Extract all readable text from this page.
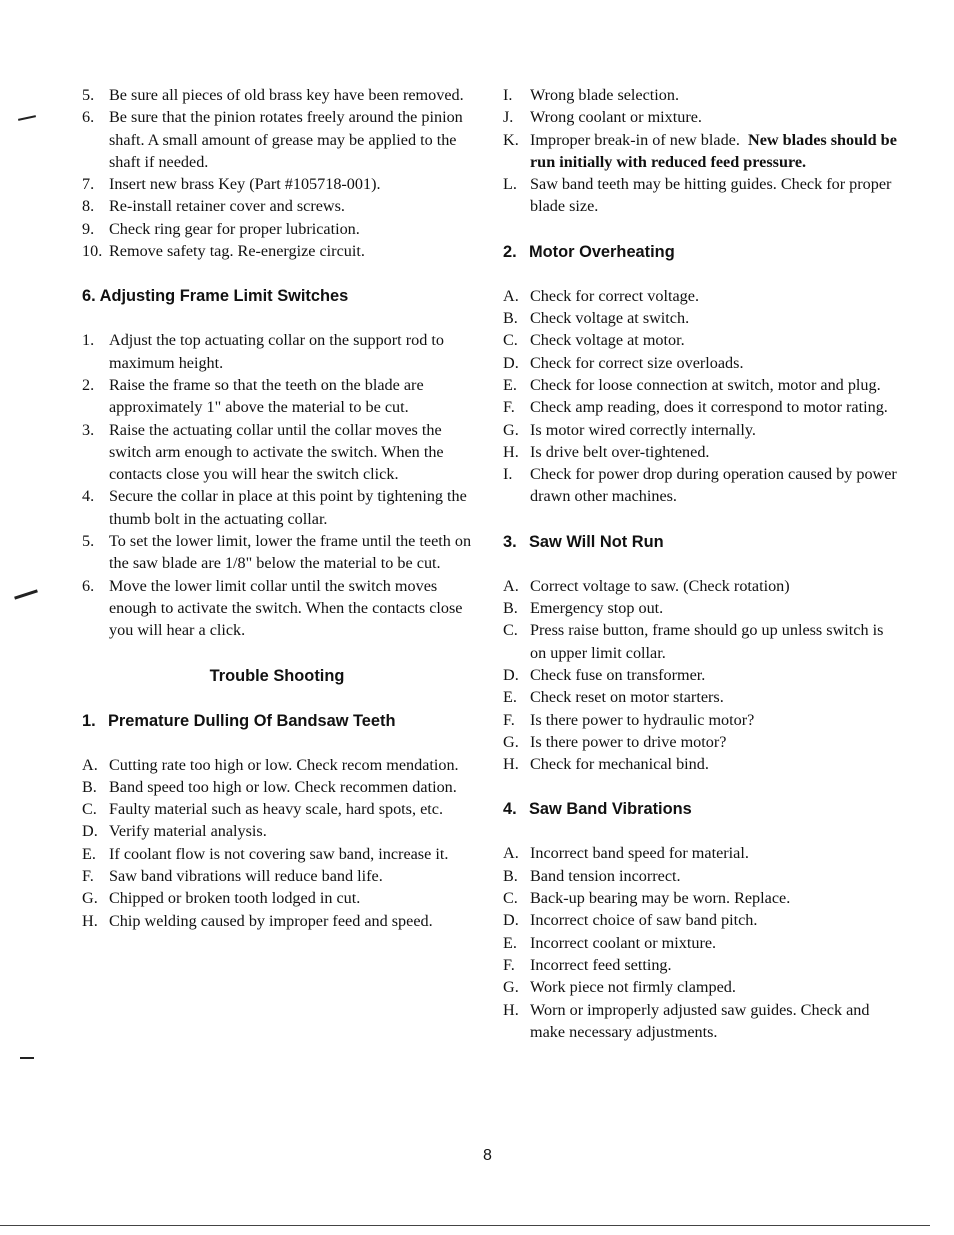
5. Be sure all pieces of old brass key have been removed.
6. Be sure that the pinion rotates freely around the pinion shaft. A small amount of grease may be applied to the shaft if needed.
7. Insert new brass Key (Part #105718-001).
8. Re-install retainer cover and screws.
9. Check ring gear for proper lubrication.
10. Remove safety tag. Re-energize circuit.
6. Adjusting Frame Limit Switches
1. Adjust the top actuating collar on the support rod to maximum height.
2. Raise the frame so that the teeth on the blade are approximately 1" above the material to be cut.
3. Raise the actuating collar until the collar moves the switch arm enough to activate the switch. When the contacts close you will hear the switch click.
4. Secure the collar in place at this point by tightening the thumb bolt in the actuating collar.
5. To set the lower limit, lower the frame until the teeth on the saw blade are 1/8" below the material to be cut.
6. Move the lower limit collar until the switch moves enough to activate the switch. When the contacts close you will hear a click.
Trouble Shooting
1. Premature Dulling Of Bandsaw Teeth
A. Cutting rate too high or low. Check recom mendation.
B. Band speed too high or low. Check recommen dation.
C. Faulty material such as heavy scale, hard spots, etc.
D. Verify material analysis.
E. If coolant flow is not covering saw band, increase it.
F. Saw band vibrations will reduce band life.
G. Chipped or broken tooth lodged in cut.
H. Chip welding caused by improper feed and speed.
I. Wrong blade selection.
J. Wrong coolant or mixture.
K. Improper break-in of new blade. New blades should be run initially with reduced feed pressure.
L. Saw band teeth may be hitting guides. Check for proper blade size.
2. Motor Overheating
A. Check for correct voltage.
B. Check voltage at switch.
C. Check voltage at motor.
D. Check for correct size overloads.
E. Check for loose connection at switch, motor and plug.
F. Check amp reading, does it correspond to motor rating.
G. Is motor wired correctly internally.
H. Is drive belt over-tightened.
I. Check for power drop during operation caused by power drawn other machines.
3. Saw Will Not Run
A. Correct voltage to saw. (Check rotation)
B. Emergency stop out.
C. Press raise button, frame should go up unless switch is on upper limit collar.
D. Check fuse on transformer.
E. Check reset on motor starters.
F. Is there power to hydraulic motor?
G. Is there power to drive motor?
H. Check for mechanical bind.
4. Saw Band Vibrations
A. Incorrect band speed for material.
B. Band tension incorrect.
C. Back-up bearing may be worn. Replace.
D. Incorrect choice of saw band pitch.
E. Incorrect coolant or mixture.
F. Incorrect feed setting.
G. Work piece not firmly clamped.
H. Worn or improperly adjusted saw guides. Check and make necessary adjustments.
8
